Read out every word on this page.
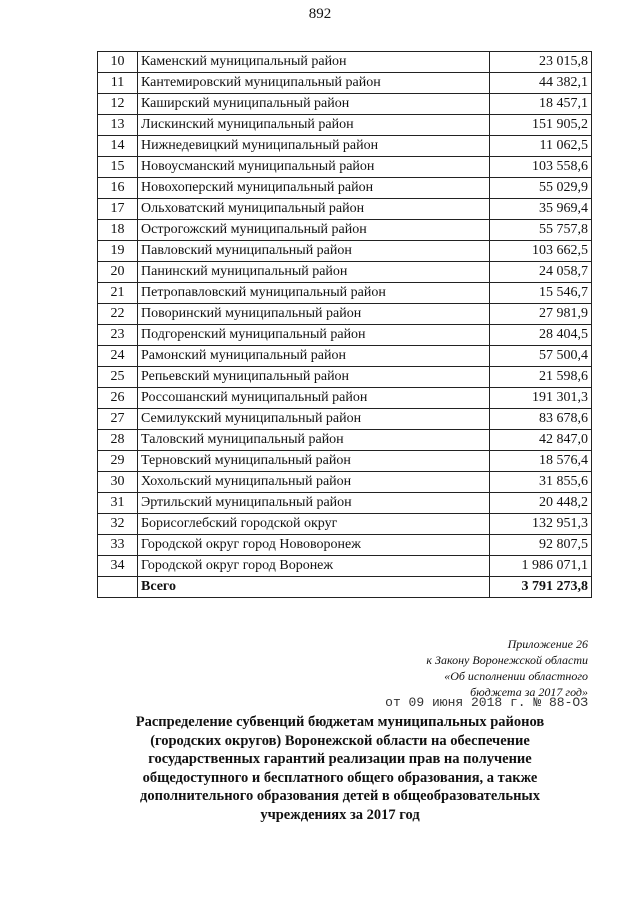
892
10	Каменский муниципальный район	23 015,8
11	Кантемировский муниципальный район	44 382,1
12	Каширский муниципальный район	18 457,1
13	Лискинский муниципальный район	151 905,2
14	Нижнедевицкий муниципальный район	11 062,5
15	Новоусманский муниципальный район	103 558,6
16	Новохоперский муниципальный район	55 029,9
17	Ольховатский муниципальный район	35 969,4
18	Острогожский муниципальный район	55 757,8
19	Павловский муниципальный район	103 662,5
20	Панинский муниципальный район	24 058,7
21	Петропавловский муниципальный район	15 546,7
22	Поворинский муниципальный район	27 981,9
23	Подгоренский муниципальный район	28 404,5
24	Рамонский муниципальный район	57 500,4
25	Репьевский муниципальный район	21 598,6
26	Россошанский муниципальный район	191 301,3
27	Семилукский муниципальный район	83 678,6
28	Таловский муниципальный район	42 847,0
29	Терновский муниципальный район	18 576,4
30	Хохольский муниципальный район	31 855,6
31	Эртильский муниципальный район	20 448,2
32	Борисоглебский городской округ	132 951,3
33	Городской округ город Нововоронеж	92 807,5
34	Городской округ город Воронеж	1 986 071,1
	Всего	3 791 273,8
Приложение 26
к Закону Воронежской области
«Об исполнении областного
бюджета за 2017 год»
от 09 июня 2018 г. № 88-ОЗ
Распределение субвенций бюджетам муниципальных районов
(городских округов) Воронежской области на обеспечение
государственных гарантий реализации прав на получение
общедоступного и бесплатного общего образования, а также
дополнительного образования детей в общеобразовательных
учреждениях за 2017 год
